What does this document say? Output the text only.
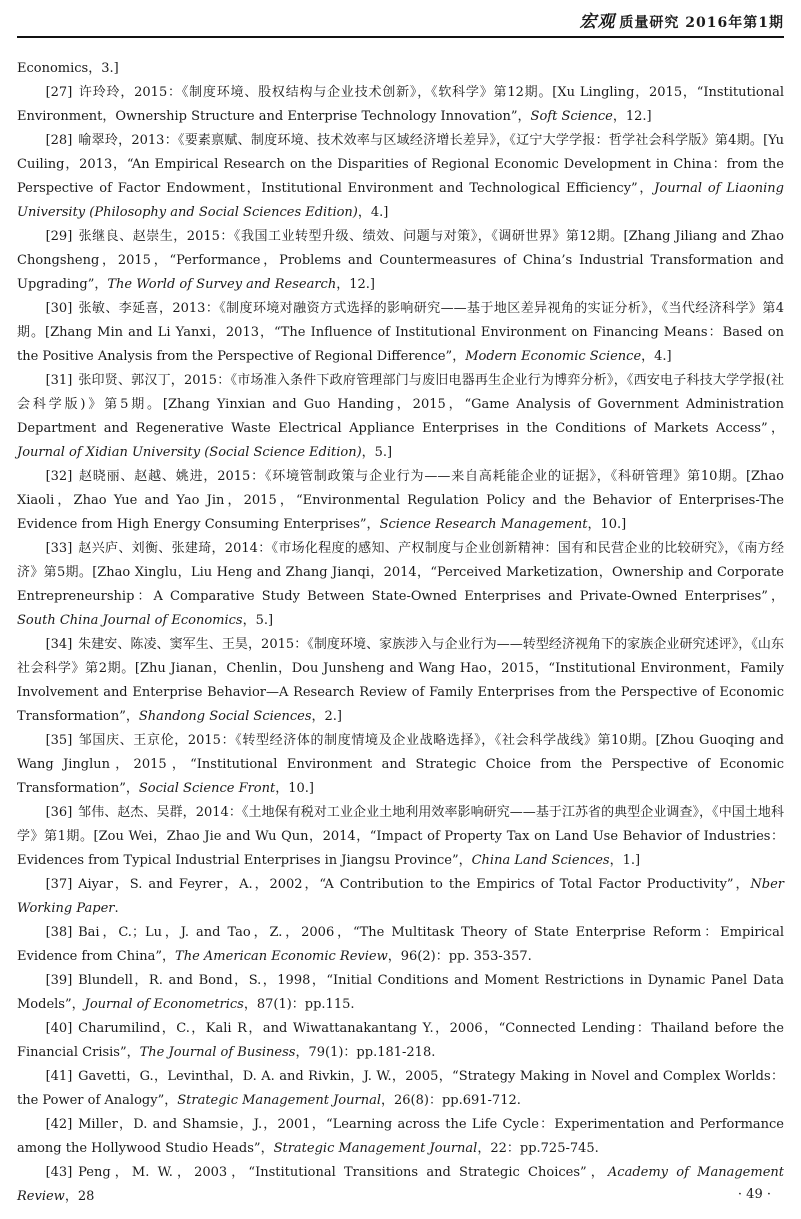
宏观 质量研究 2016年第1期

Economics，3.]

[27] 许玲玲，2015：《制度环境、股权结构与企业技术创新》，《软科学》第12期。[Xu Lingling，2015，“Institutional Environment，Ownership Structure and Enterprise Technology Innovation”，Soft Science，12.]

[28] 喻翠玲，2013：《要素禀赋、制度环境、技术效率与区域经济增长差异》，《辽宁大学学报：哲学社会科学版》第4期。[Yu Cuiling，2013，“An Empirical Research on the Disparities of Regional Economic Development in China：from the Perspective of Factor Endowment，Institutional Environment and Technological Efficiency”，Journal of Liaoning University (Philosophy and Social Sciences Edition)，4.]

[29] 张继良、赵崇生，2015：《我国工业转型升级、绩效、问题与对策》，《调研世界》第12期。[Zhang Jiliang and Zhao Chongsheng，2015，“Performance，Problems and Countermeasures of China’s Industrial Transformation and Upgrading”，The World of Survey and Research，12.]

[30] 张敏、李延喜，2013：《制度环境对融资方式选择的影响研究——基于地区差异视角的实证分析》，《当代经济科学》第4期。[Zhang Min and Li Yanxi，2013，“The Influence of Institutional Environment on Financing Means：Based on the Positive Analysis from the Perspective of Regional Difference”，Modern Economic Science，4.]

[31] 张印贤、郭汉丁，2015：《市场准入条件下政府管理部门与废旧电器再生企业行为博弈分析》，《西安电子科技大学学报(社会科学版)》第5期。[Zhang Yinxian and Guo Handing，2015，“Game Analysis of Government Administration Department and Regenerative Waste Electrical Appliance Enterprises in the Conditions of Markets Access”，Journal of Xidian University (Social Science Edition)，5.]

[32] 赵晓丽、赵越、姚进，2015：《环境管制政策与企业行为——来自高耗能企业的证据》，《科研管理》第10期。[Zhao Xiaoli，Zhao Yue and Yao Jin，2015，“Environmental Regulation Policy and the Behavior of Enterprises-The Evidence from High Energy Consuming Enterprises”，Science Research Management，10.]

[33] 赵兴庐、刘衡、张建琦，2014：《市场化程度的感知、产权制度与企业创新精神：国有和民营企业的比较研究》，《南方经济》第5期。[Zhao Xinglu，Liu Heng and Zhang Jianqi，2014，“Perceived Marketization，Ownership and Corporate Entrepreneurship：A Comparative Study Between State-Owned Enterprises and Private-Owned Enterprises”，South China Journal of Economics，5.]

[34] 朱建安、陈凌、窦军生、王昊，2015：《制度环境、家族涉入与企业行为——转型经济视角下的家族企业研究述评》，《山东社会科学》第2期。[Zhu Jianan，Chenlin，Dou Junsheng and Wang Hao，2015，“Institutional Environment，Family Involvement and Enterprise Behavior—A Research Review of Family Enterprises from the Perspective of Economic Transformation”，Shandong Social Sciences，2.]

[35] 邹国庆、王京伦，2015：《转型经济体的制度情境及企业战略选择》，《社会科学战线》第10期。[Zhou Guoqing and Wang Jinglun，2015，“Institutional Environment and Strategic Choice from the Perspective of Economic Transformation”，Social Science Front，10.]

[36] 邹伟、赵杰、吴群，2014：《土地保有税对工业企业土地利用效率影响研究——基于江苏省的典型企业调查》，《中国土地科学》第1期。[Zou Wei，Zhao Jie and Wu Qun，2014，“Impact of Property Tax on Land Use Behavior of Industries：Evidences from Typical Industrial Enterprises in Jiangsu Province”，China Land Sciences，1.]

[37] Aiyar，S. and Feyrer，A.，2002，“A Contribution to the Empirics of Total Factor Productivity”，Nber Working Paper.

[38] Bai，C.；Lu，J. and Tao，Z.，2006，“The Multitask Theory of State Enterprise Reform：Empirical Evidence from China”，The American Economic Review，96(2)：pp. 353-357.

[39] Blundell，R. and Bond，S.，1998，“Initial Conditions and Moment Restrictions in Dynamic Panel Data Models”，Journal of Econometrics，87(1)：pp.115.

[40] Charumilind，C.，Kali R，and Wiwattanakantang Y.，2006，“Connected Lending：Thailand before the Financial Crisis”，The Journal of Business，79(1)：pp.181-218.

[41] Gavetti，G.，Levinthal，D. A. and Rivkin，J. W.，2005，“Strategy Making in Novel and Complex Worlds：the Power of Analogy”，Strategic Management Journal，26(8)：pp.691-712.

[42] Miller，D. and Shamsie，J.，2001，“Learning across the Life Cycle：Experimentation and Performance among the Hollywood Studio Heads”，Strategic Management Journal，22：pp.725-745.

[43] Peng，M. W.，2003，“Institutional Transitions and Strategic Choices”，Academy of Management Review，28	· 49 ·
